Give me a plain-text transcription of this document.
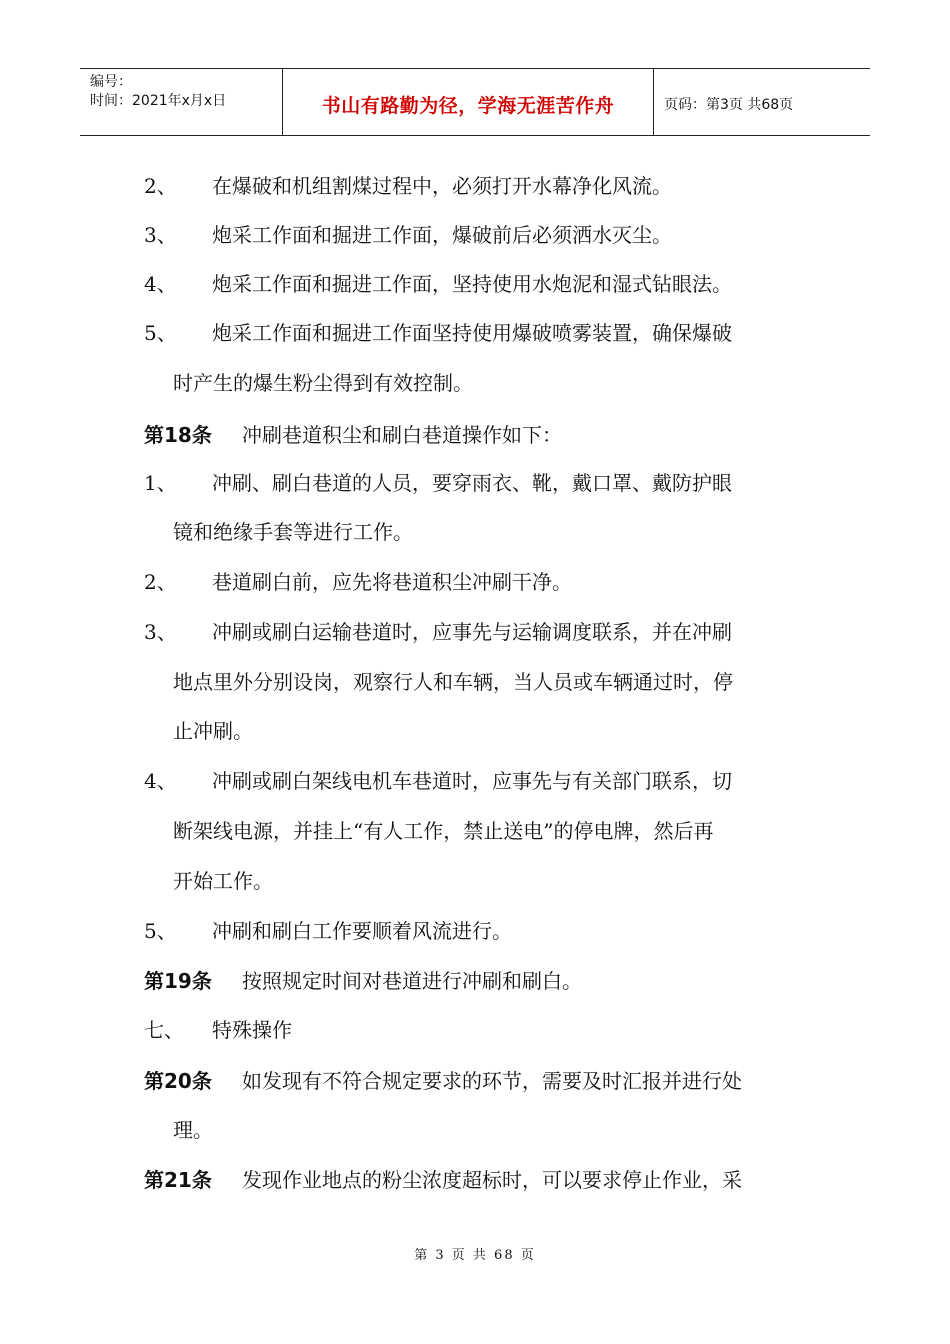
编号：
时间：2021年x月x日	书山有路勤为径，学海无涯苦作舟	页码：第3页 共68页
2、 在爆破和机组割煤过程中，必须打开水幕净化风流。
3、 炮采工作面和掘进工作面，爆破前后必须洒水灭尘。
4、 炮采工作面和掘进工作面，坚持使用水炮泥和湿式钻眼法。
5、 炮采工作面和掘进工作面坚持使用爆破喷雾装置，确保爆破
时产生的爆生粉尘得到有效控制。
第18条 冲刷巷道积尘和刷白巷道操作如下：
1、 冲刷、刷白巷道的人员，要穿雨衣、靴，戴口罩、戴防护眼
镜和绝缘手套等进行工作。
2、 巷道刷白前，应先将巷道积尘冲刷干净。
3、 冲刷或刷白运输巷道时，应事先与运输调度联系，并在冲刷
地点里外分别设岗，观察行人和车辆，当人员或车辆通过时，停
止冲刷。
4、 冲刷或刷白架线电机车巷道时，应事先与有关部门联系，切
断架线电源，并挂上“有人工作，禁止送电”的停电牌，然后再
开始工作。
5、 冲刷和刷白工作要顺着风流进行。
第19条 按照规定时间对巷道进行冲刷和刷白。
七、 特殊操作
第20条 如发现有不符合规定要求的环节，需要及时汇报并进行处
理。
第21条 发现作业地点的粉尘浓度超标时，可以要求停止作业，采
第 3 页 共 68 页
